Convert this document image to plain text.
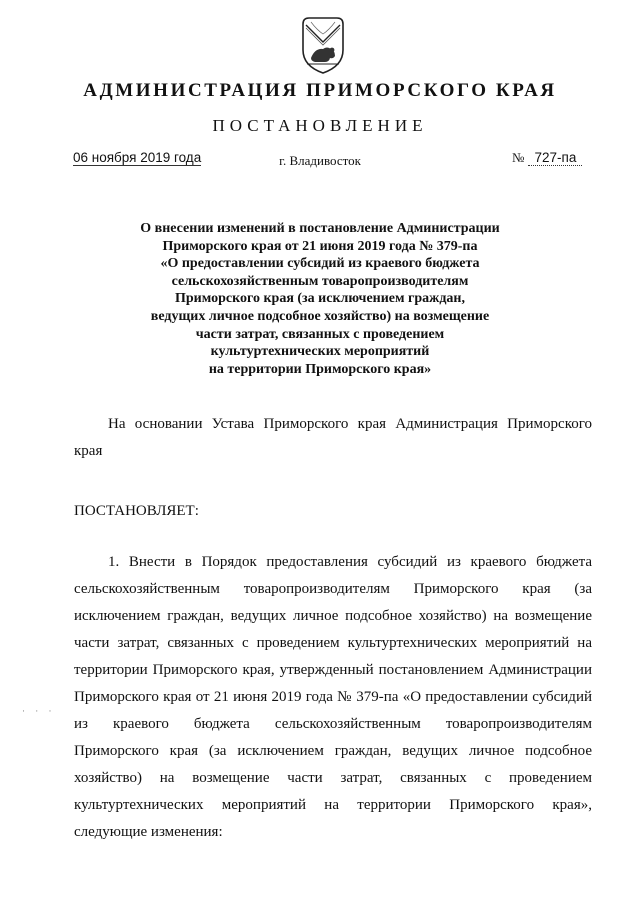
АДМИНИСТРАЦИЯ ПРИМОРСКОГО КРАЯ
ПОСТАНОВЛЕНИЕ
06 ноября 2019 года	г. Владивосток	№ 727-па
О внесении изменений в постановление Администрации
Приморского края от 21 июня 2019 года № 379-па
«О предоставлении субсидий из краевого бюджета
сельскохозяйственным товаропроизводителям
Приморского края (за исключением граждан,
ведущих личное подсобное хозяйство) на возмещение
части затрат, связанных с проведением
культуртехнических мероприятий
на территории Приморского края»
На основании Устава Приморского края Администрация Приморского
края
ПОСТАНОВЛЯЕТ:
1. Внести в Порядок предоставления субсидий из краевого бюджета
сельскохозяйственным товаропроизводителям Приморского края (за
исключением граждан, ведущих личное подсобное хозяйство) на возмещение
части затрат, связанных с проведением культуртехнических мероприятий на
территории Приморского края, утвержденный постановлением Администрации
Приморского края от 21 июня 2019 года № 379-па «О предоставлении субсидий
из краевого бюджета сельскохозяйственным товаропроизводителям
Приморского края (за исключением граждан, ведущих личное подсобное
хозяйство) на возмещение части затрат, связанных с проведением
культуртехнических мероприятий на территории Приморского края»,
следующие изменения:
· · ·
